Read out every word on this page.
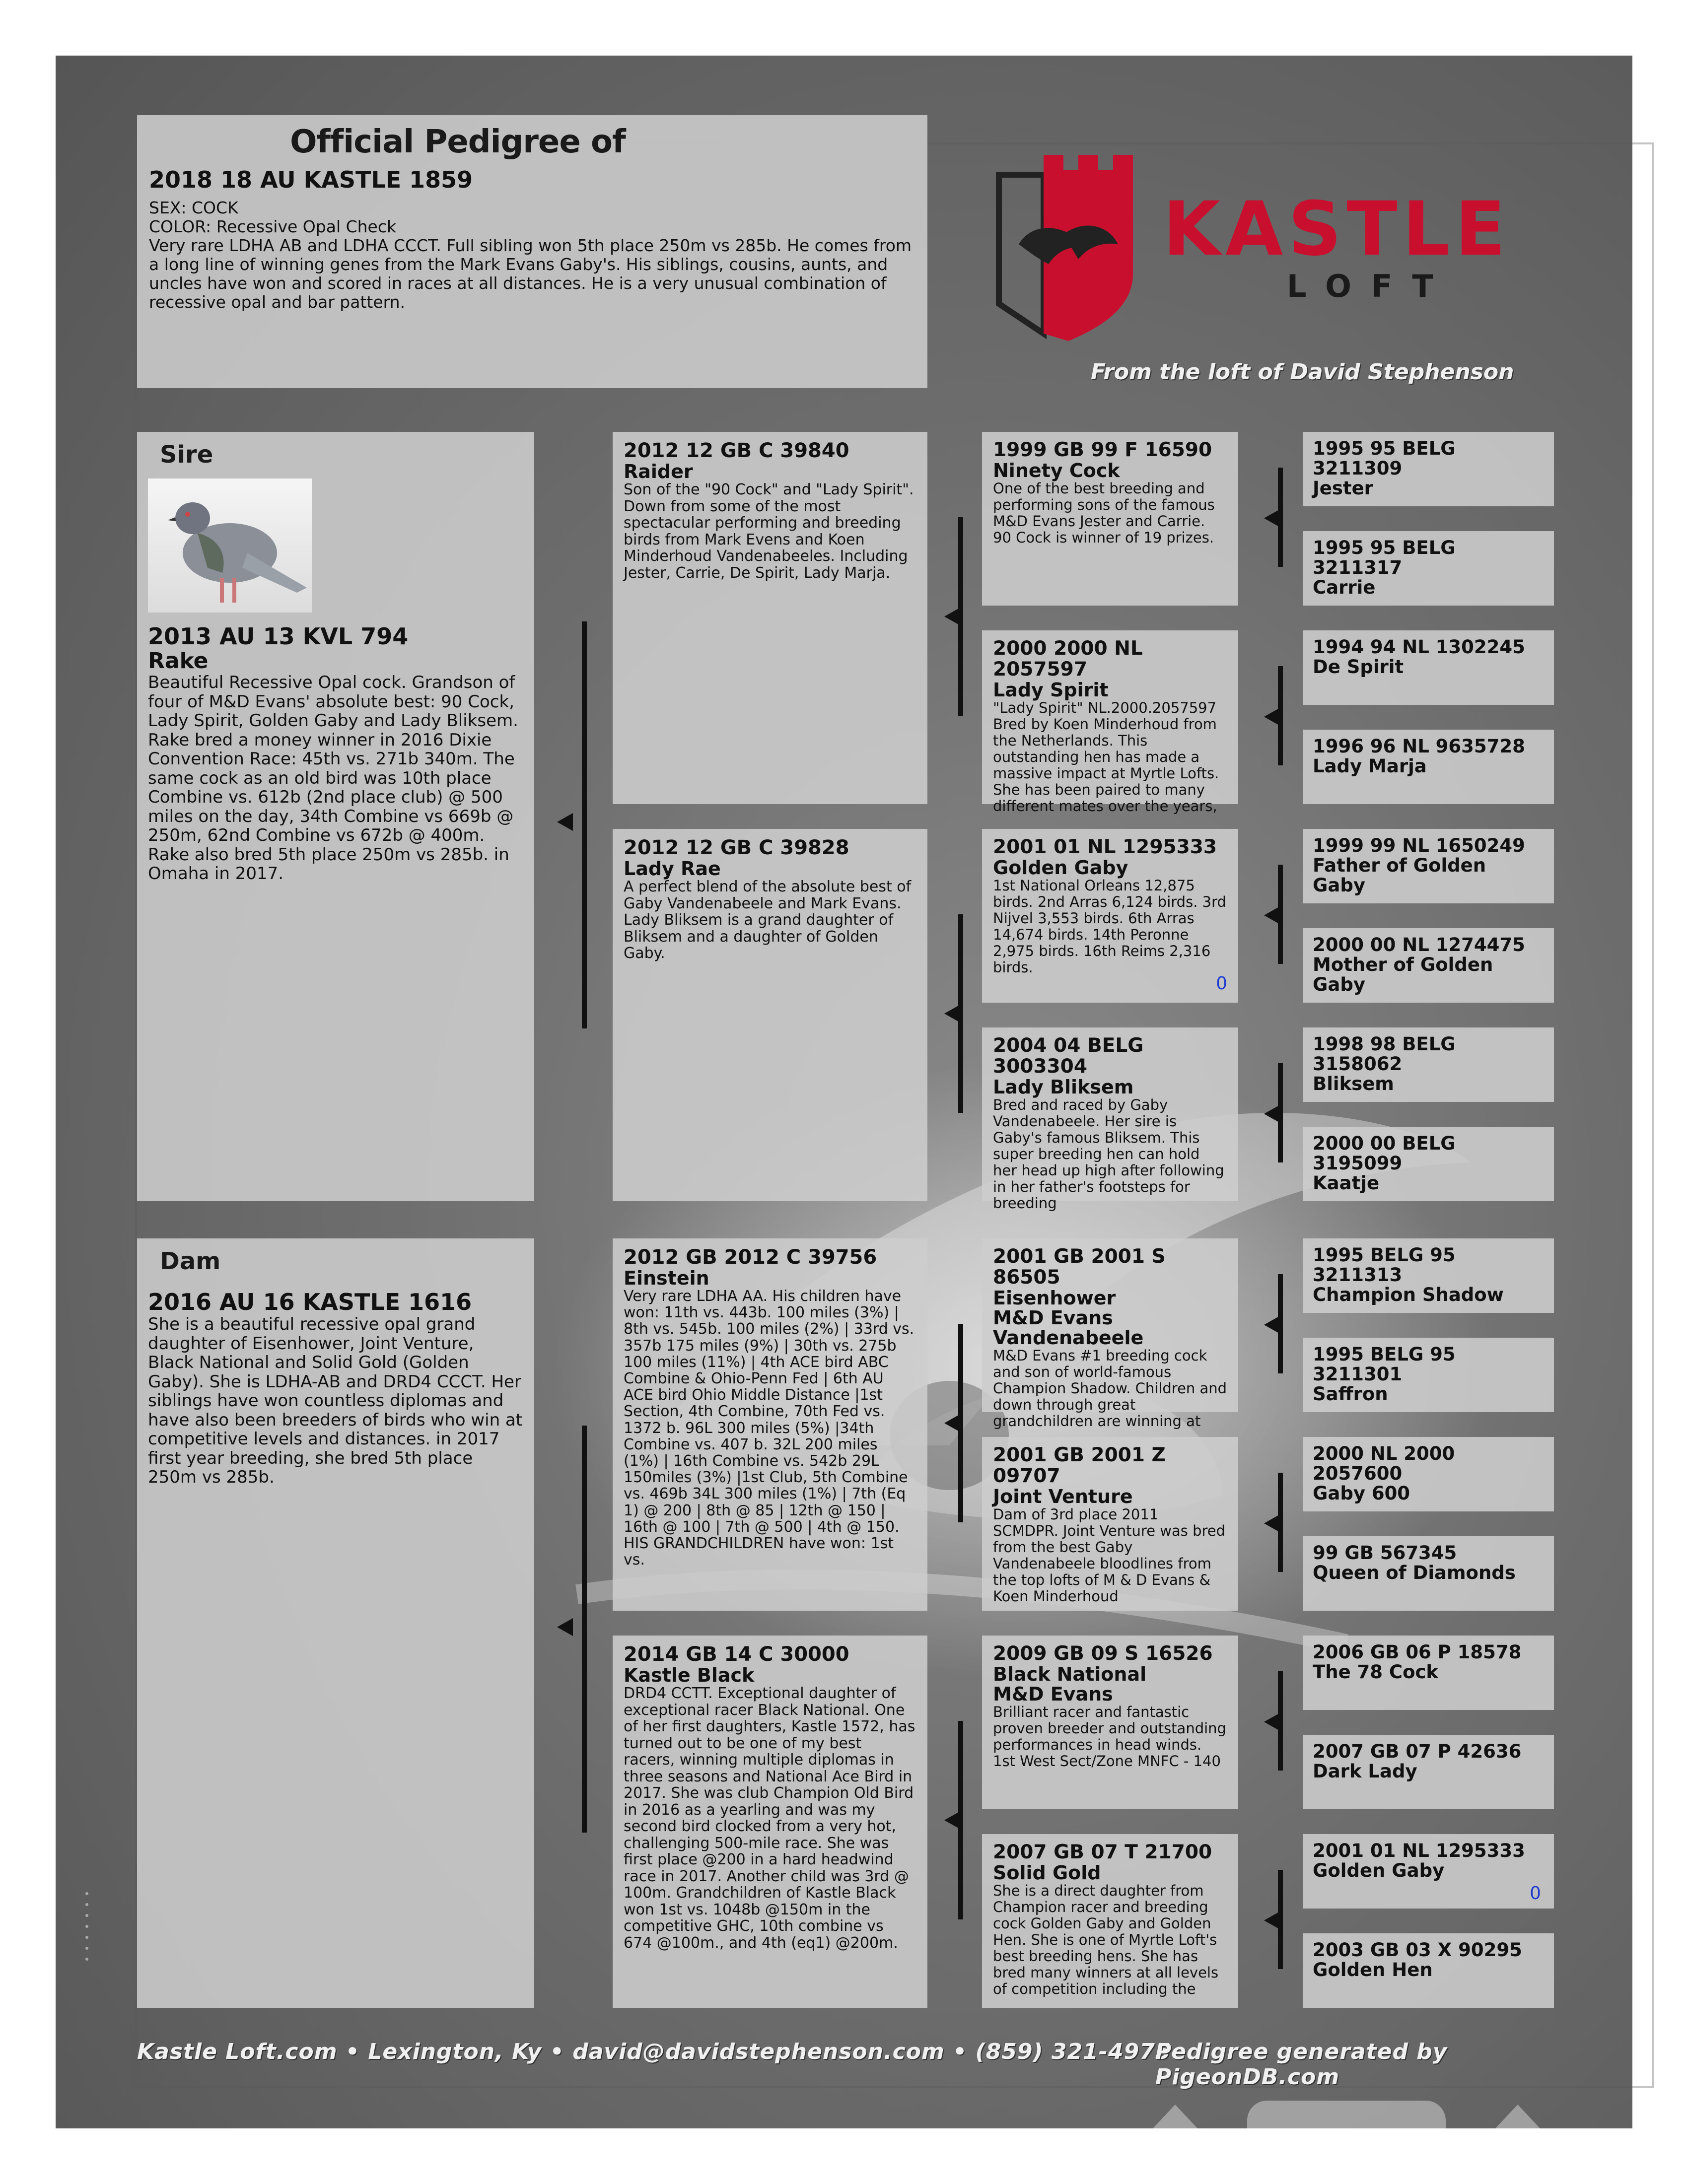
Official Pedigree of
2018 18 AU KASTLE 1859
SEX: COCK
COLOR: Recessive Opal Check
Very rare LDHA AB and LDHA CCCT. Full sibling won 5th place 250m vs 285b. He comes from a long line of winning genes from the Mark Evans Gaby's. His siblings, cousins, aunts, and uncles have won and scored in races at all distances. He is a very unusual combination of recessive opal and bar pattern.
KASTLE
LOFT
From the loft of David Stephenson
Sire
2013 AU 13 KVL 794
Rake
Beautiful Recessive Opal cock. Grandson of four of M&D Evans' absolute best: 90 Cock, Lady Spirit, Golden Gaby and Lady Bliksem. Rake bred a money winner in 2016 Dixie Convention Race: 45th vs. 271b 340m. The same cock as an old bird was 10th place Combine vs. 612b (2nd place club) @ 500 miles on the day, 34th Combine vs 669b @ 250m, 62nd Combine vs 672b @ 400m. Rake also bred 5th place 250m vs 285b. in Omaha in 2017.
Dam
2016 AU 16 KASTLE 1616
She is a beautiful recessive opal grand daughter of Eisenhower, Joint Venture, Black National and Solid Gold (Golden Gaby). She is LDHA-AB and DRD4 CCCT. Her siblings have won countless diplomas and have also been breeders of birds who win at competitive levels and distances. in 2017 first year breeding, she bred 5th place 250m vs 285b.
2012 12 GB C 39840
Raider
Son of the "90 Cock" and "Lady Spirit". Down from some of the most spectacular performing and breeding birds from Mark Evens and Koen Minderhoud Vandenabeeles. Including Jester, Carrie, De Spirit, Lady Marja.
2012 12 GB C 39828
Lady Rae
A perfect blend of the absolute best of Gaby Vandenabeele and Mark Evans. Lady Bliksem is a grand daughter of Bliksem and a daughter of Golden Gaby.
2012 GB 2012 C 39756
Einstein
Very rare LDHA AA. His children have won: 11th vs. 443b. 100 miles (3%) | 8th vs. 545b. 100 miles (2%) | 33rd vs. 357b 175 miles (9%) | 30th vs. 275b 100 miles (11%) | 4th ACE bird ABC Combine & Ohio-Penn Fed | 6th AU ACE bird Ohio Middle Distance |1st Section, 4th Combine, 70th Fed vs. 1372 b. 96L 300 miles (5%) |34th Combine vs. 407 b. 32L 200 miles (1%) | 16th Combine vs. 542b 29L 150miles (3%) |1st Club, 5th Combine vs. 469b 34L 300 miles (1%) | 7th (Eq 1) @ 200 | 8th @ 85 | 12th @ 150 | 16th @ 100 | 7th @ 500 | 4th @ 150. HIS GRANDCHILDREN have won: 1st vs.
2014 GB 14 C 30000
Kastle Black
DRD4 CCTT. Exceptional daughter of exceptional racer Black National. One of her first daughters, Kastle 1572, has turned out to be one of my best racers, winning multiple diplomas in three seasons and National Ace Bird in 2017. She was club Champion Old Bird in 2016 as a yearling and was my second bird clocked from a very hot, challenging 500-mile race. She was first place @200 in a hard headwind race in 2017. Another child was 3rd @ 100m. Grandchildren of Kastle Black won 1st vs. 1048b @150m in the competitive GHC, 10th combine vs 674 @100m., and 4th (eq1) @200m.
1999 GB 99 F 16590
Ninety Cock
One of the best breeding and performing sons of the famous M&D Evans Jester and Carrie. 90 Cock is winner of 19 prizes.
2000 2000 NL 2057597
Lady Spirit
"Lady Spirit" NL.2000.2057597 Bred by Koen Minderhoud from the Netherlands. This outstanding hen has made a massive impact at Myrtle Lofts. She has been paired to many different mates over the years,
2001 01 NL 1295333
Golden Gaby
1st National Orleans 12,875 birds. 2nd Arras 6,124 birds. 3rd Nijvel 3,553 birds. 6th Arras 14,674 birds. 14th Peronne 2,975 birds. 16th Reims 2,316 birds.
0
2004 04 BELG 3003304
Lady Bliksem
Bred and raced by Gaby Vandenabeele. Her sire is Gaby's famous Bliksem. This super breeding hen can hold her head up high after following in her father's footsteps for breeding
2001 GB 2001 S 86505
Eisenhower
M&D Evans Vandenabeele
M&D Evans #1 breeding cock and son of world-famous Champion Shadow. Children and down through great grandchildren are winning at
2001 GB 2001 Z 09707
Joint Venture
Dam of 3rd place 2011 SCMDPR. Joint Venture was bred from the best Gaby Vandenabeele bloodlines from the top lofts of M & D Evans & Koen Minderhoud
2009 GB 09 S 16526
Black National
M&D Evans
Brilliant racer and fantastic proven breeder and outstanding performances in head winds. 1st West Sect/Zone MNFC - 140
2007 GB 07 T 21700
Solid Gold
She is a direct daughter from Champion racer and breeding cock Golden Gaby and Golden Hen. She is one of Myrtle Loft's best breeding hens. She has bred many winners at all levels of competition including the
1995 95 BELG 3211309
Jester
1995 95 BELG 3211317
Carrie
1994 94 NL 1302245
De Spirit
1996 96 NL 9635728
Lady Marja
1999 99 NL 1650249
Father of Golden Gaby
2000 00 NL 1274475
Mother of Golden Gaby
1998 98 BELG 3158062
Bliksem
2000 00 BELG 3195099
Kaatje
1995 BELG 95 3211313
Champion Shadow
1995 BELG 95 3211301
Saffron
2000 NL 2000 2057600
Gaby 600
99 GB 567345
Queen of Diamonds
2006 GB 06 P 18578
The 78 Cock
2007 GB 07 P 42636
Dark Lady
2001 01 NL 1295333
Golden Gaby
0
2003 GB 03 X 90295
Golden Hen
Kastle Loft.com • Lexington, Ky • david@davidstephenson.com • (859) 321-4975
Pedigree generated by PigeonDB.com
